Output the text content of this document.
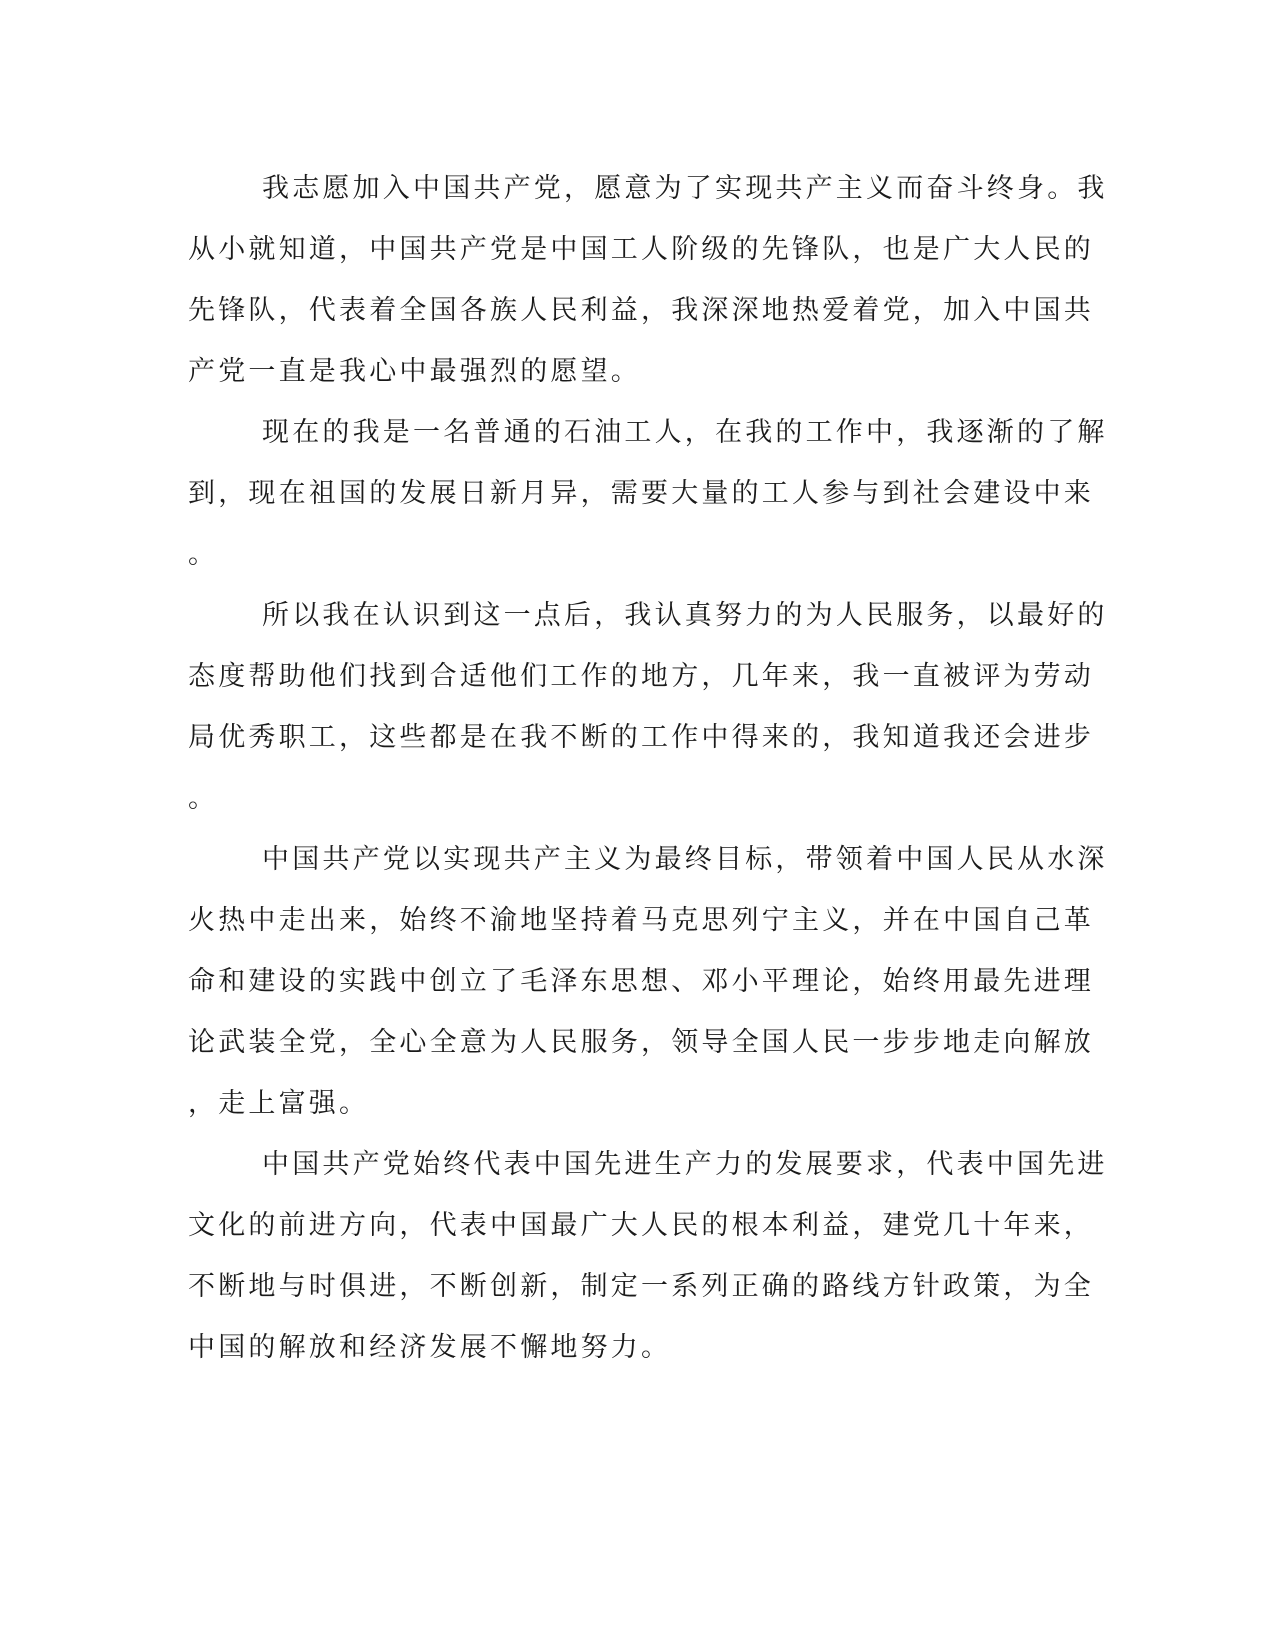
我志愿加入中国共产党，愿意为了实现共产主义而奋斗终身。我
从小就知道，中国共产党是中国工人阶级的先锋队，也是广大人民的
先锋队，代表着全国各族人民利益，我深深地热爱着党，加入中国共
产党一直是我心中最强烈的愿望。
现在的我是一名普通的石油工人，在我的工作中，我逐渐的了解
到，现在祖国的发展日新月异，需要大量的工人参与到社会建设中来
。
所以我在认识到这一点后，我认真努力的为人民服务，以最好的
态度帮助他们找到合适他们工作的地方，几年来，我一直被评为劳动
局优秀职工，这些都是在我不断的工作中得来的，我知道我还会进步
。
中国共产党以实现共产主义为最终目标，带领着中国人民从水深
火热中走出来，始终不渝地坚持着马克思列宁主义，并在中国自己革
命和建设的实践中创立了毛泽东思想、邓小平理论，始终用最先进理
论武装全党，全心全意为人民服务，领导全国人民一步步地走向解放
，走上富强。
中国共产党始终代表中国先进生产力的发展要求，代表中国先进
文化的前进方向，代表中国最广大人民的根本利益，建党几十年来，
不断地与时俱进，不断创新，制定一系列正确的路线方针政策，为全
中国的解放和经济发展不懈地努力。
